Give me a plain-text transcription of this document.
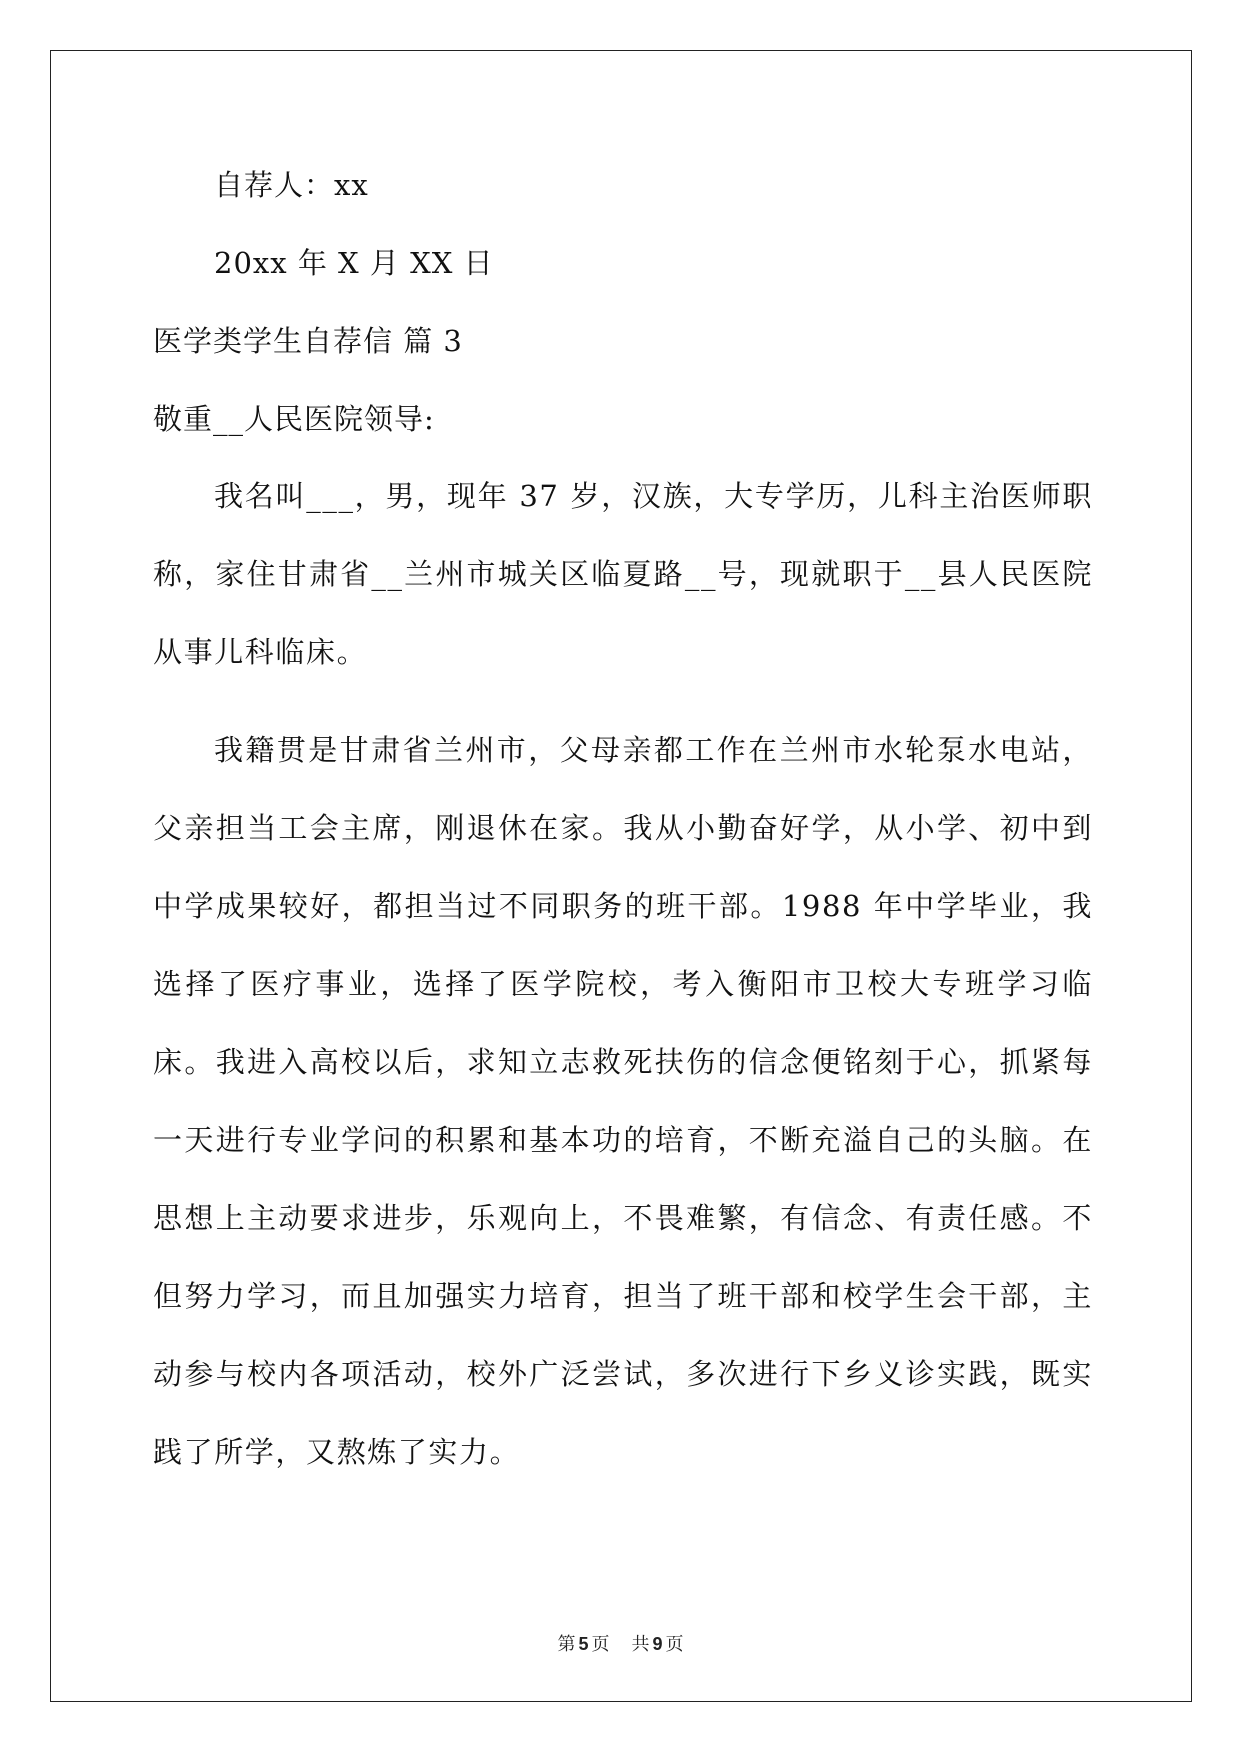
自荐人：xx
20xx 年 X 月 XX 日
医学类学生自荐信 篇 3
敬重__人民医院领导:

我名叫___，男，现年 37 岁，汉族，大专学历，儿科主治医师职称，家住甘肃省__兰州市城关区临夏路__号，现就职于__县人民医院从事儿科临床。

我籍贯是甘肃省兰州市，父母亲都工作在兰州市水轮泵水电站，父亲担当工会主席，刚退休在家。我从小勤奋好学，从小学、初中到中学成果较好，都担当过不同职务的班干部。1988 年中学毕业，我选择了医疗事业，选择了医学院校，考入衡阳市卫校大专班学习临床。我进入高校以后，求知立志救死扶伤的信念便铭刻于心，抓紧每一天进行专业学问的积累和基本功的培育，不断充溢自己的头脑。在思想上主动要求进步，乐观向上，不畏难繁，有信念、有责任感。不但努力学习，而且加强实力培育，担当了班干部和校学生会干部，主动参与校内各项活动，校外广泛尝试，多次进行下乡义诊实践，既实践了所学，又熬炼了实力。

第 5 页 共 9 页
